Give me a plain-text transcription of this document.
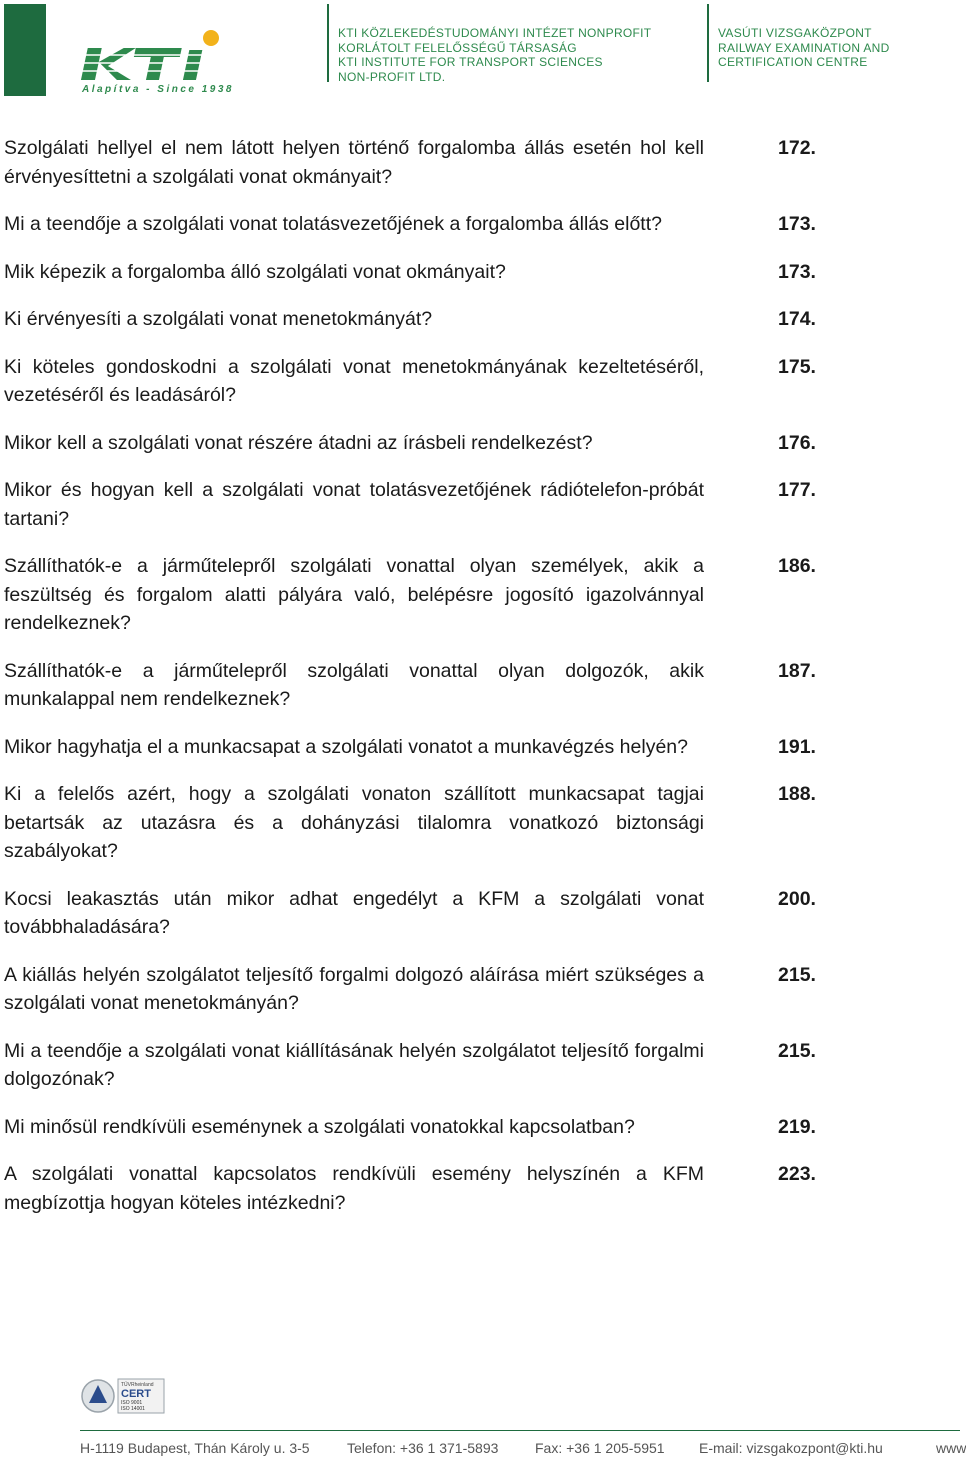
Alapítva - Since 1938
KTI KÖZLEKEDÉSTUDOMÁNYI INTÉZET NONPROFIT
KORLÁTOLT FELELŐSSÉGŰ TÁRSASÁG
KTI INSTITUTE FOR TRANSPORT SCIENCES
NON-PROFIT LTD.
VASÚTI VIZSGAKÖZPONT
RAILWAY EXAMINATION AND
CERTIFICATION CENTRE
Szolgálati hellyel el nem látott helyen történő forgalomba állás esetén hol kell érvényesíttetni a szolgálati vonat okmányait?
172.
Mi a teendője a szolgálati vonat tolatásvezetőjének a forgalomba állás előtt?	173.
Mik képezik a forgalomba álló szolgálati vonat okmányait?	173.
Ki érvényesíti a szolgálati vonat menetokmányát?	174.
Ki köteles gondoskodni a szolgálati vonat menetokmányának kezeltetéséről, vezetéséről és leadásáról?
175.
Mikor kell a szolgálati vonat részére átadni az írásbeli rendelkezést?	176.
Mikor és hogyan kell a szolgálati vonat tolatásvezetőjének rádiótelefon-próbát tartani?
177.
Szállíthatók-e a járműtelepről szolgálati vonattal olyan személyek, akik a feszültség és forgalom alatti pályára való, belépésre jogosító igazolvánnyal rendelkeznek?
186.
Szállíthatók-e a járműtelepről szolgálati vonattal olyan dolgozók, akik munkalappal nem rendelkeznek?
187.
Mikor hagyhatja el a munkacsapat a szolgálati vonatot a munkavégzés helyén?	191.
Ki a felelős azért, hogy a szolgálati vonaton szállított munkacsapat tagjai betartsák az utazásra és a dohányzási tilalomra vonatkozó biztonsági szabályokat?
188.
Kocsi leakasztás után mikor adhat engedélyt a KFM a szolgálati vonat továbbhaladására?
200.
A kiállás helyén szolgálatot teljesítő forgalmi dolgozó aláírása miért szükséges a szolgálati vonat menetokmányán?
215.
Mi a teendője a szolgálati vonat kiállításának helyén szolgálatot teljesítő forgalmi dolgozónak?
215.
Mi minősül rendkívüli eseménynek a szolgálati vonatokkal kapcsolatban?	219.
A szolgálati vonattal kapcsolatos rendkívüli esemény helyszínén a KFM megbízottja hogyan köteles intézkedni?
223.
TÜVRheinland
CERT
ISO 9001
ISO 14001
H-1119 Budapest, Thán Károly u. 3-5	Telefon: +36 1 371-5893	Fax: +36 1 205-5951 E-mail: vizsgakozpont@kti.hu	www
